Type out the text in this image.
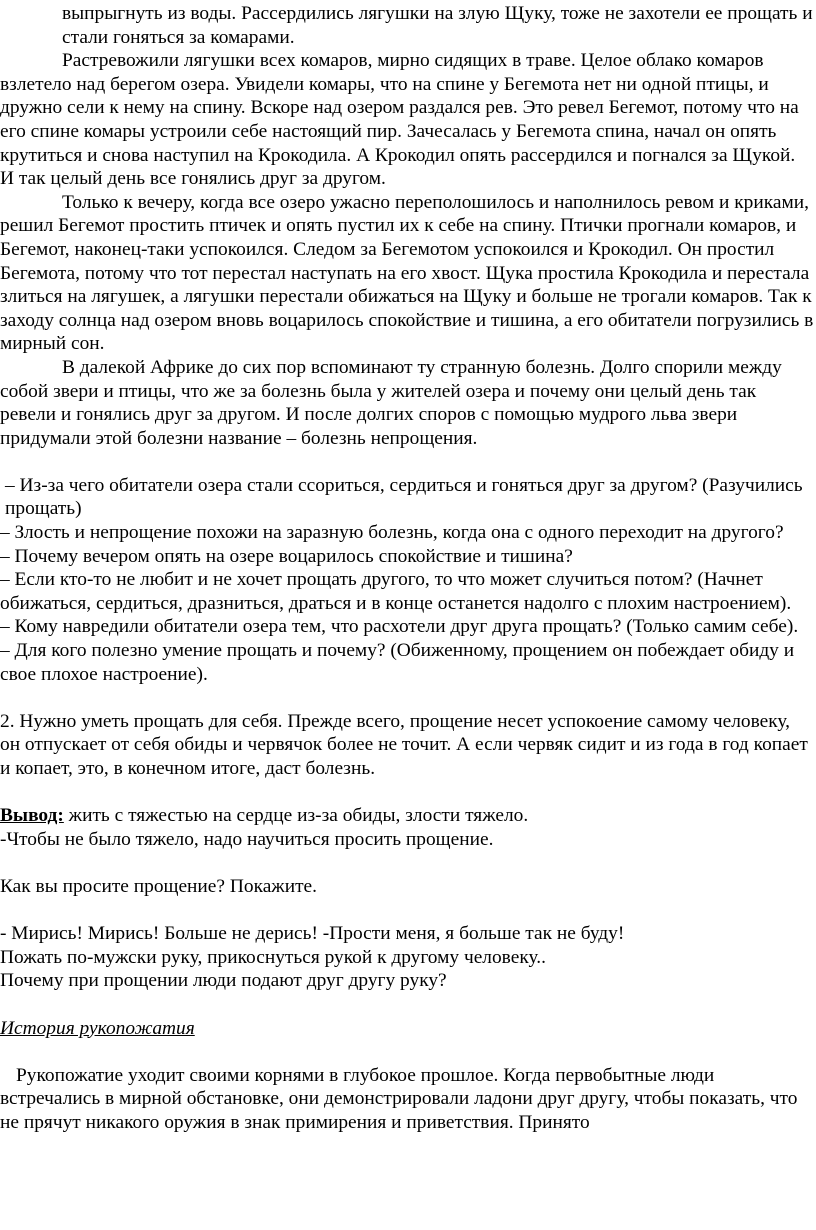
выпрыгнуть из воды. Рассердились лягушки на злую Щуку, тоже не захотели ее прощать и стали гоняться за комарами.

Растревожили лягушки всех комаров, мирно сидящих в траве. Целое облако комаров взлетело над берегом озера. Увидели комары, что на спине у Бегемота нет ни одной птицы, и дружно сели к нему на спину. Вскоре над озером раздался рев. Это ревел Бегемот, потому что на его спине комары устроили себе настоящий пир. Зачесалась у Бегемота спина, начал он опять крутиться и снова наступил на Крокодила. А Крокодил опять рассердился и погнался за Щукой. И так целый день все гонялись друг за другом.

Только к вечеру, когда все озеро ужасно переполошилось и наполнилось ревом и криками, решил Бегемот простить птичек и опять пустил их к себе на спину. Птички прогнали комаров, и Бегемот, наконец-таки успокоился. Следом за Бегемотом успокоился и Крокодил. Он простил Бегемота, потому что тот перестал наступать на его хвост. Щука простила Крокодила и перестала злиться на лягушек, а лягушки перестали обижаться на Щуку и больше не трогали комаров. Так к заходу солнца над озером вновь воцарилось спокойствие и тишина, а его обитатели погрузились в мирный сон.

В далекой Африке до сих пор вспоминают ту странную болезнь. Долго спорили между собой звери и птицы, что же за болезнь была у жителей озера и почему они целый день так ревели и гонялись друг за другом. И после долгих споров с помощью мудрого льва звери придумали этой болезни название – болезнь непрощения.

– Из-за чего обитатели озера стали ссориться, сердиться и гоняться друг за другом? (Разучились прощать)

– Злость и непрощение похожи на заразную болезнь, когда она с одного переходит на другого?

– Почему вечером опять на озере воцарилось спокойствие и тишина?

– Если кто-то не любит и не хочет прощать другого, то что может случиться потом? (Начнет обижаться, сердиться, дразниться, драться и в конце останется надолго с плохим настроением).

– Кому навредили обитатели озера тем, что расхотели друг друга прощать? (Только самим себе).

– Для кого полезно умение прощать и почему? (Обиженному, прощением он побеждает обиду и свое плохое настроение).

2. Нужно уметь прощать для себя. Прежде всего, прощение несет успокоение самому человеку, он отпускает от себя обиды и червячок более не точит. А если червяк сидит и из года в год копает и копает, это, в конечном итоге, даст болезнь.

Вывод: жить с тяжестью на сердце из-за обиды, злости тяжело.

-Чтобы не было тяжело, надо научиться просить прощение.

Как вы просите прощение? Покажите.

- Мирись! Мирись! Больше не дерись! -Прости меня, я больше так не буду!

Пожать по-мужски руку, прикоснуться рукой к другому человеку..

Почему при прощении люди подают друг другу руку?

История рукопожатия

Рукопожатие уходит своими корнями в глубокое прошлое. Когда первобытные люди встречались в мирной обстановке, они демонстрировали ладони друг другу, чтобы показать, что не прячут никакого оружия в знак примирения и приветствия. Принято
